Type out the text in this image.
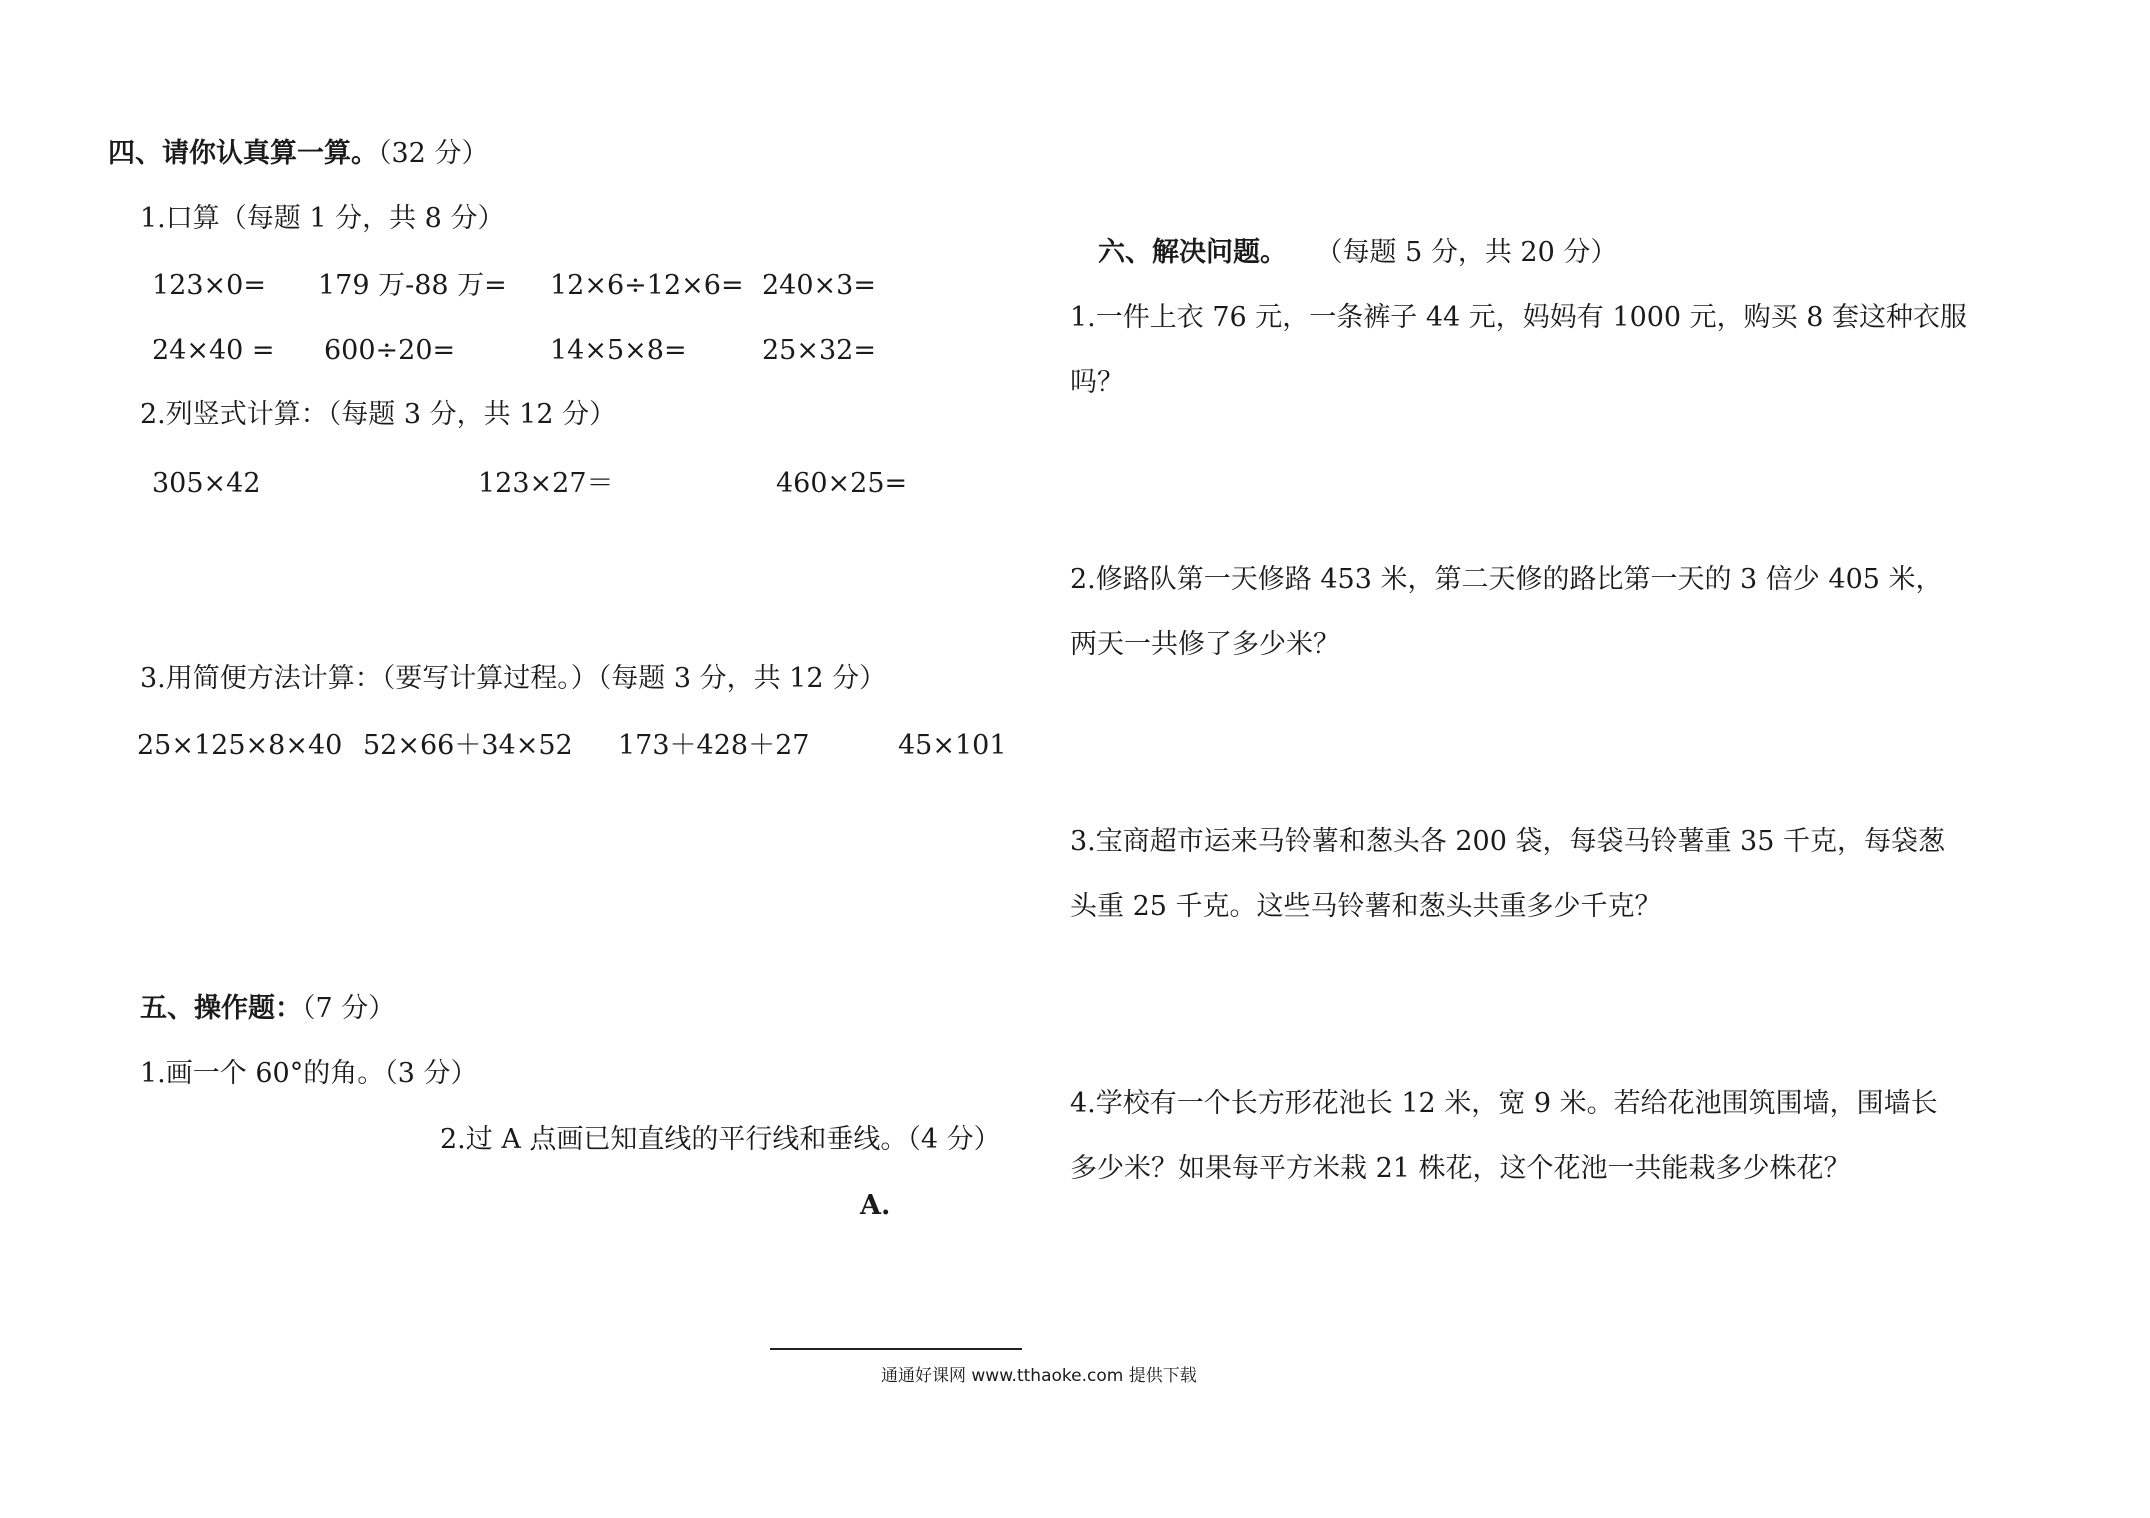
四、请你认真算一算。（32 分）
1.口算（每题 1 分，共 8 分）
123×0= 179 万-88 万= 12×6÷12×6= 240×3=
24×40 = 600÷20=	14×5×8=	25×32=
2.列竖式计算：（每题 3 分，共 12 分）
305×42	123×27＝	460×25=
3.用简便方法计算：（要写计算过程。）（每题 3 分，共 12 分）
25×125×8×40 52×66＋34×52 173＋428＋27	45×101
五、操作题：（7 分）
1.画一个 60°的角。（3 分）
2.过 A 点画已知直线的平行线和垂线。（4 分）
A.
六、解决问题。 （每题 5 分，共 20 分）
1.一件上衣 76 元，一条裤子 44 元，妈妈有 1000 元，购买 8 套这种衣服
吗？
2.修路队第一天修路 453 米，第二天修的路比第一天的 3 倍少 405 米，
两天一共修了多少米？
3.宝商超市运来马铃薯和葱头各 200 袋，每袋马铃薯重 35 千克，每袋葱
头重 25 千克。这些马铃薯和葱头共重多少千克？
4.学校有一个长方形花池长 12 米，宽 9 米。若给花池围筑围墙，围墙长
多少米？如果每平方米栽 21 株花，这个花池一共能栽多少株花？
通通好课网 www.tthaoke.com 提供下载
